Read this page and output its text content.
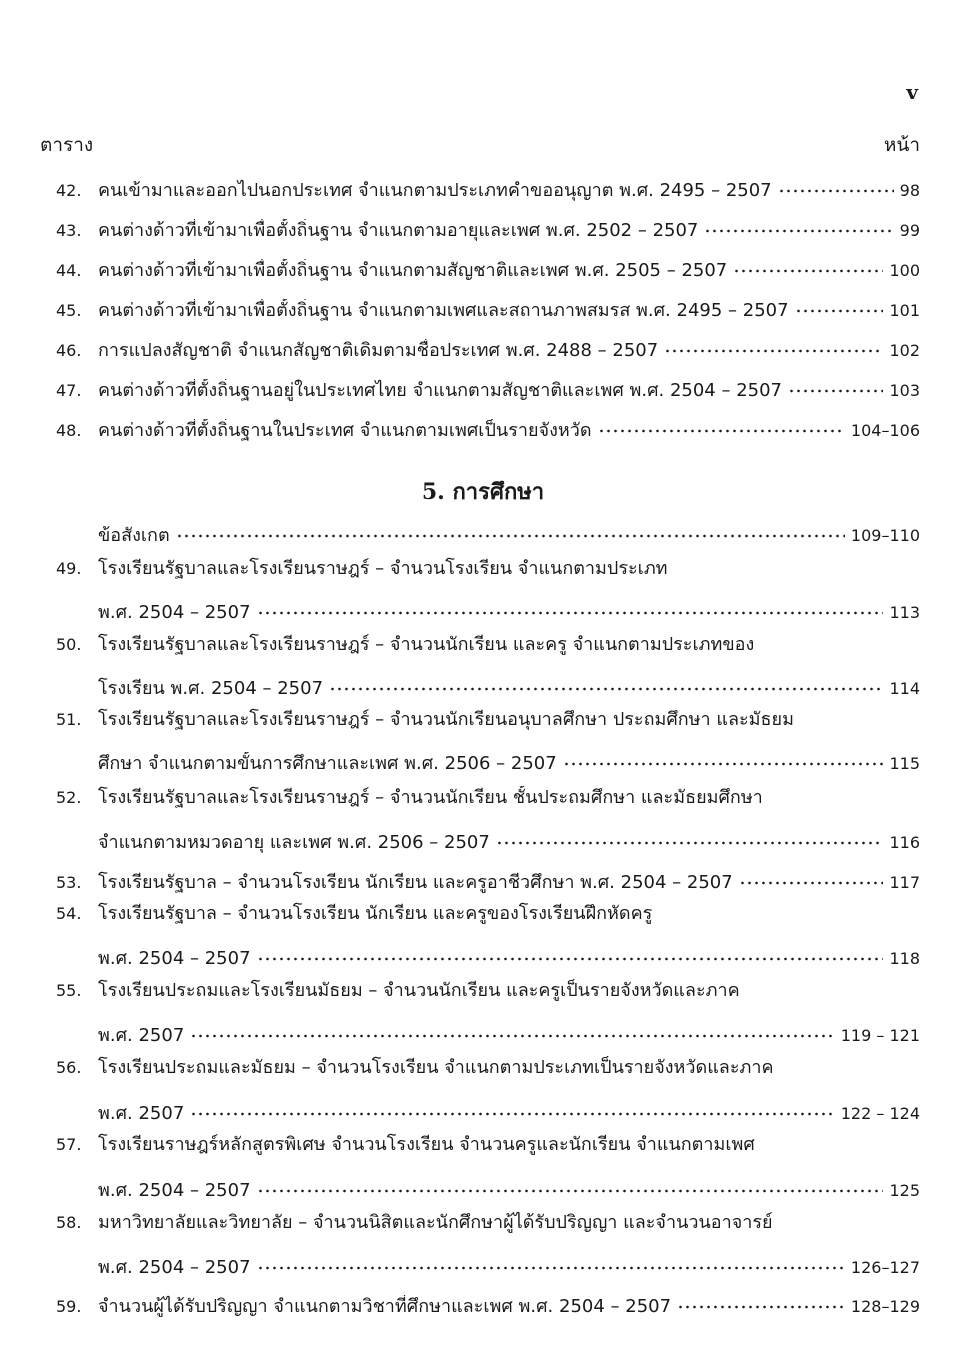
v
ตาราง	หน้า
42. คนเข้ามาและออกไปนอกประเทศ จำแนกตามประเภทคำขออนุญาต พ.ศ. 2495 – 2507	98
43. คนต่างด้าวที่เข้ามาเพื่อตั้งถิ่นฐาน จำแนกตามอายุและเพศ พ.ศ. 2502 – 2507	99
44. คนต่างด้าวที่เข้ามาเพื่อตั้งถิ่นฐาน จำแนกตามสัญชาติและเพศ พ.ศ. 2505 – 2507	100
45. คนต่างด้าวที่เข้ามาเพื่อตั้งถิ่นฐาน จำแนกตามเพศและสถานภาพสมรส พ.ศ. 2495 – 2507	101
46. การแปลงสัญชาติ จำแนกสัญชาติเดิมตามชื่อประเทศ พ.ศ. 2488 – 2507	102
47. คนต่างด้าวที่ตั้งถิ่นฐานอยู่ในประเทศไทย จำแนกตามสัญชาติและเพศ พ.ศ. 2504 – 2507	103
48. คนต่างด้าวที่ตั้งถิ่นฐานในประเทศ จำแนกตามเพศเป็นรายจังหวัด	104–106
5. การศึกษา
ข้อสังเกต	109–110
49. โรงเรียนรัฐบาลและโรงเรียนราษฎร์ – จำนวนโรงเรียน จำแนกตามประเภท
พ.ศ. 2504 – 2507	113
50. โรงเรียนรัฐบาลและโรงเรียนราษฎร์ – จำนวนนักเรียน และครู จำแนกตามประเภทของ
โรงเรียน พ.ศ. 2504 – 2507	114
51. โรงเรียนรัฐบาลและโรงเรียนราษฎร์ – จำนวนนักเรียนอนุบาลศึกษา ประถมศึกษา และมัธยม
ศึกษา จำแนกตามขั้นการศึกษาและเพศ พ.ศ. 2506 – 2507	115
52. โรงเรียนรัฐบาลและโรงเรียนราษฎร์ – จำนวนนักเรียน ชั้นประถมศึกษา และมัธยมศึกษา
จำแนกตามหมวดอายุ และเพศ พ.ศ. 2506 – 2507	116
53. โรงเรียนรัฐบาล – จำนวนโรงเรียน นักเรียน และครูอาชีวศึกษา พ.ศ. 2504 – 2507	117
54. โรงเรียนรัฐบาล – จำนวนโรงเรียน นักเรียน และครูของโรงเรียนฝึกหัดครู
พ.ศ. 2504 – 2507	118
55. โรงเรียนประถมและโรงเรียนมัธยม – จำนวนนักเรียน และครูเป็นรายจังหวัดและภาค
พ.ศ. 2507	119 – 121
56. โรงเรียนประถมและมัธยม – จำนวนโรงเรียน จำแนกตามประเภทเป็นรายจังหวัดและภาค
พ.ศ. 2507	122 – 124
57. โรงเรียนราษฎร์หลักสูตรพิเศษ จำนวนโรงเรียน จำนวนครูและนักเรียน จำแนกตามเพศ
พ.ศ. 2504 – 2507	125
58. มหาวิทยาลัยและวิทยาลัย – จำนวนนิสิตและนักศึกษาผู้ได้รับปริญญา และจำนวนอาจารย์
พ.ศ. 2504 – 2507	126–127
59. จำนวนผู้ได้รับปริญญา จำแนกตามวิชาที่ศึกษาและเพศ พ.ศ. 2504 – 2507	128–129
